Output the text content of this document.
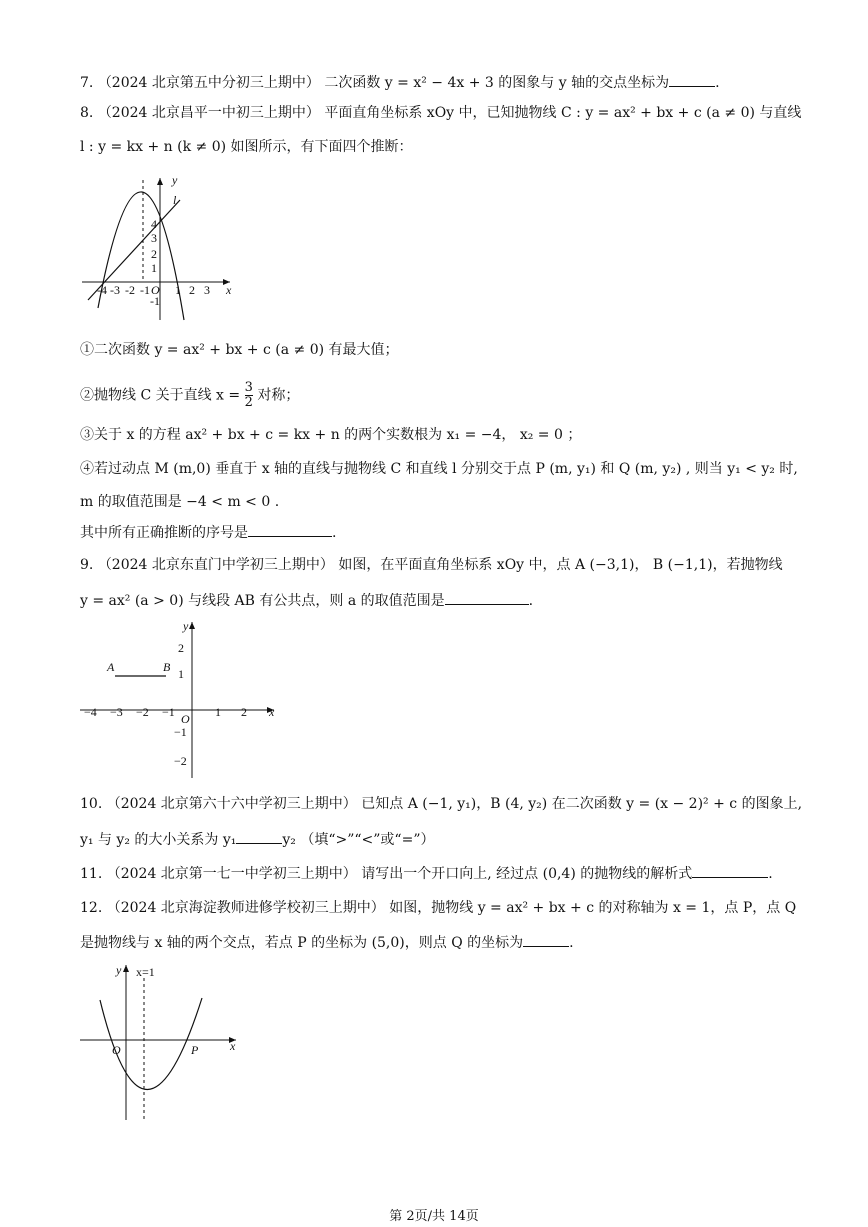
7. （2024 北京第五中分初三上期中） 二次函数 y = x² − 4x + 3 的图象与 y 轴的交点坐标为	.
8. （2024 北京昌平一中初三上期中） 平面直角坐标系 xOy 中，已知抛物线 C : y = ax² + bx + c (a ≠ 0) 与直线
l : y = kx + n (k ≠ 0) 如图所示，有下面四个推断：
y
x
l
O
-4 -3 -2 -1 1 2 3
4
3
2
1
-1
①二次函数 y = ax² + bx + c (a ≠ 0) 有最大值；
②抛物线 C 关于直线 $x = \frac{3}{2}$ 对称；
③关于 x 的方程 ax² + bx + c = kx + n 的两个实数根为 x₁ = −4， x₂ = 0 ；
④若过动点 M (m,0) 垂直于 x 轴的直线与抛物线 C 和直线 l 分别交于点 P (m, y₁) 和 Q (m, y₂) , 则当 y₁ < y₂ 时,
m 的取值范围是 −4 < m < 0 .
其中所有正确推断的序号是	.
9. （2024 北京东直门中学初三上期中） 如图，在平面直角坐标系 xOy 中，点 A (−3,1)， B (−1,1)，若抛物线
y = ax² (a > 0) 与线段 AB 有公共点，则 a 的取值范围是	.
y
x
O
A	B
−4 −3 −2 −1	1 2
2
1
−1
−2
10. （2024 北京第六十六中学初三上期中） 已知点 A (−1, y₁)，B (4, y₂) 在二次函数 y = (x − 2)² + c 的图象上,
y₁ 与 y₂ 的大小关系为 y₁	y₂ （填“>”“<”或“=”）
11. （2024 北京第一七一中学初三上期中） 请写出一个开口向上, 经过点 (0,4) 的抛物线的解析式	.
12. （2024 北京海淀教师进修学校初三上期中） 如图，抛物线 y = ax² + bx + c 的对称轴为 x = 1，点 P，点 Q
是抛物线与 x 轴的两个交点，若点 P 的坐标为 (5,0)，则点 Q 的坐标为	.
y x=1
x
O	P
第 2页/共 14页
